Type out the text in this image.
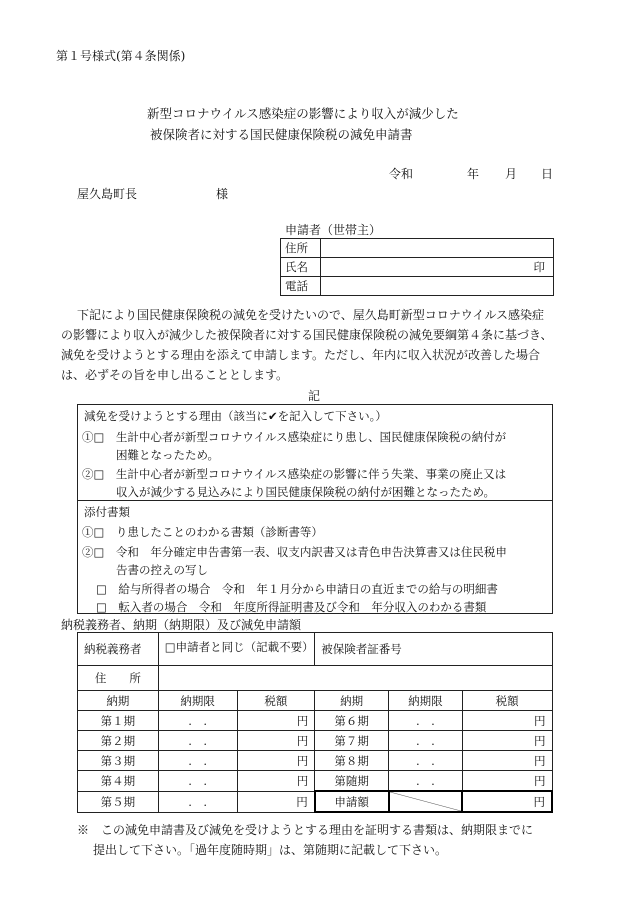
第１号様式(第４条関係)
新型コロナウイルス感染症の影響により収入が減少した
被保険者に対する国民健康保険税の減免申請書
令和	年 月 日
屋久島町長	様
申請者（世帯主）
住所	
氏名	印
電話	
下記により国民健康保険税の減免を受けたいので、屋久島町新型コロナウイルス感染症
の影響により収入が減少した被保険者に対する国民健康保険税の減免要綱第４条に基づき、
減免を受けようとする理由を添えて申請します。ただし、年内に収入状況が改善した場合
は、必ずその旨を申し出ることとします。
記
減免を受けようとする理由（該当に✔を記入して下さい。）
①□　生計中心者が新型コロナウイルス感染症にり患し、国民健康保険税の納付が
困難となったため。
②□　生計中心者が新型コロナウイルス感染症の影響に伴う失業、事業の廃止又は
収入が減少する見込みにより国民健康保険税の納付が困難となったため。
添付書類
①□　り患したことのわかる書類（診断書等）
②□　令和　年分確定申告書第一表、収支内訳書又は青色申告決算書又は住民税申
告書の控えの写し
□　給与所得者の場合　令和　年１月分から申請日の直近までの給与の明細書
□　転入者の場合　令和　年度所得証明書及び令和　年分収入のわかる書類
納税義務者、納期（納期限）及び減免申請額
納税義務者	□申請者と同じ（記載不要）		被保険者証番号		
住　　所					
納期	納期限	税額	納期	納期限	税額
第１期	.　.	円	第６期	.　.	円
第２期	.　.	円	第７期	.　.	円
第３期	.　.	円	第８期	.　.	円
第４期	.　.	円	第随期	.　.	円
第５期	.　.	円	申請額		円
※　この減免申請書及び減免を受けようとする理由を証明する書類は、納期限までに
提出して下さい。「過年度随時期」は、第随期に記載して下さい。
